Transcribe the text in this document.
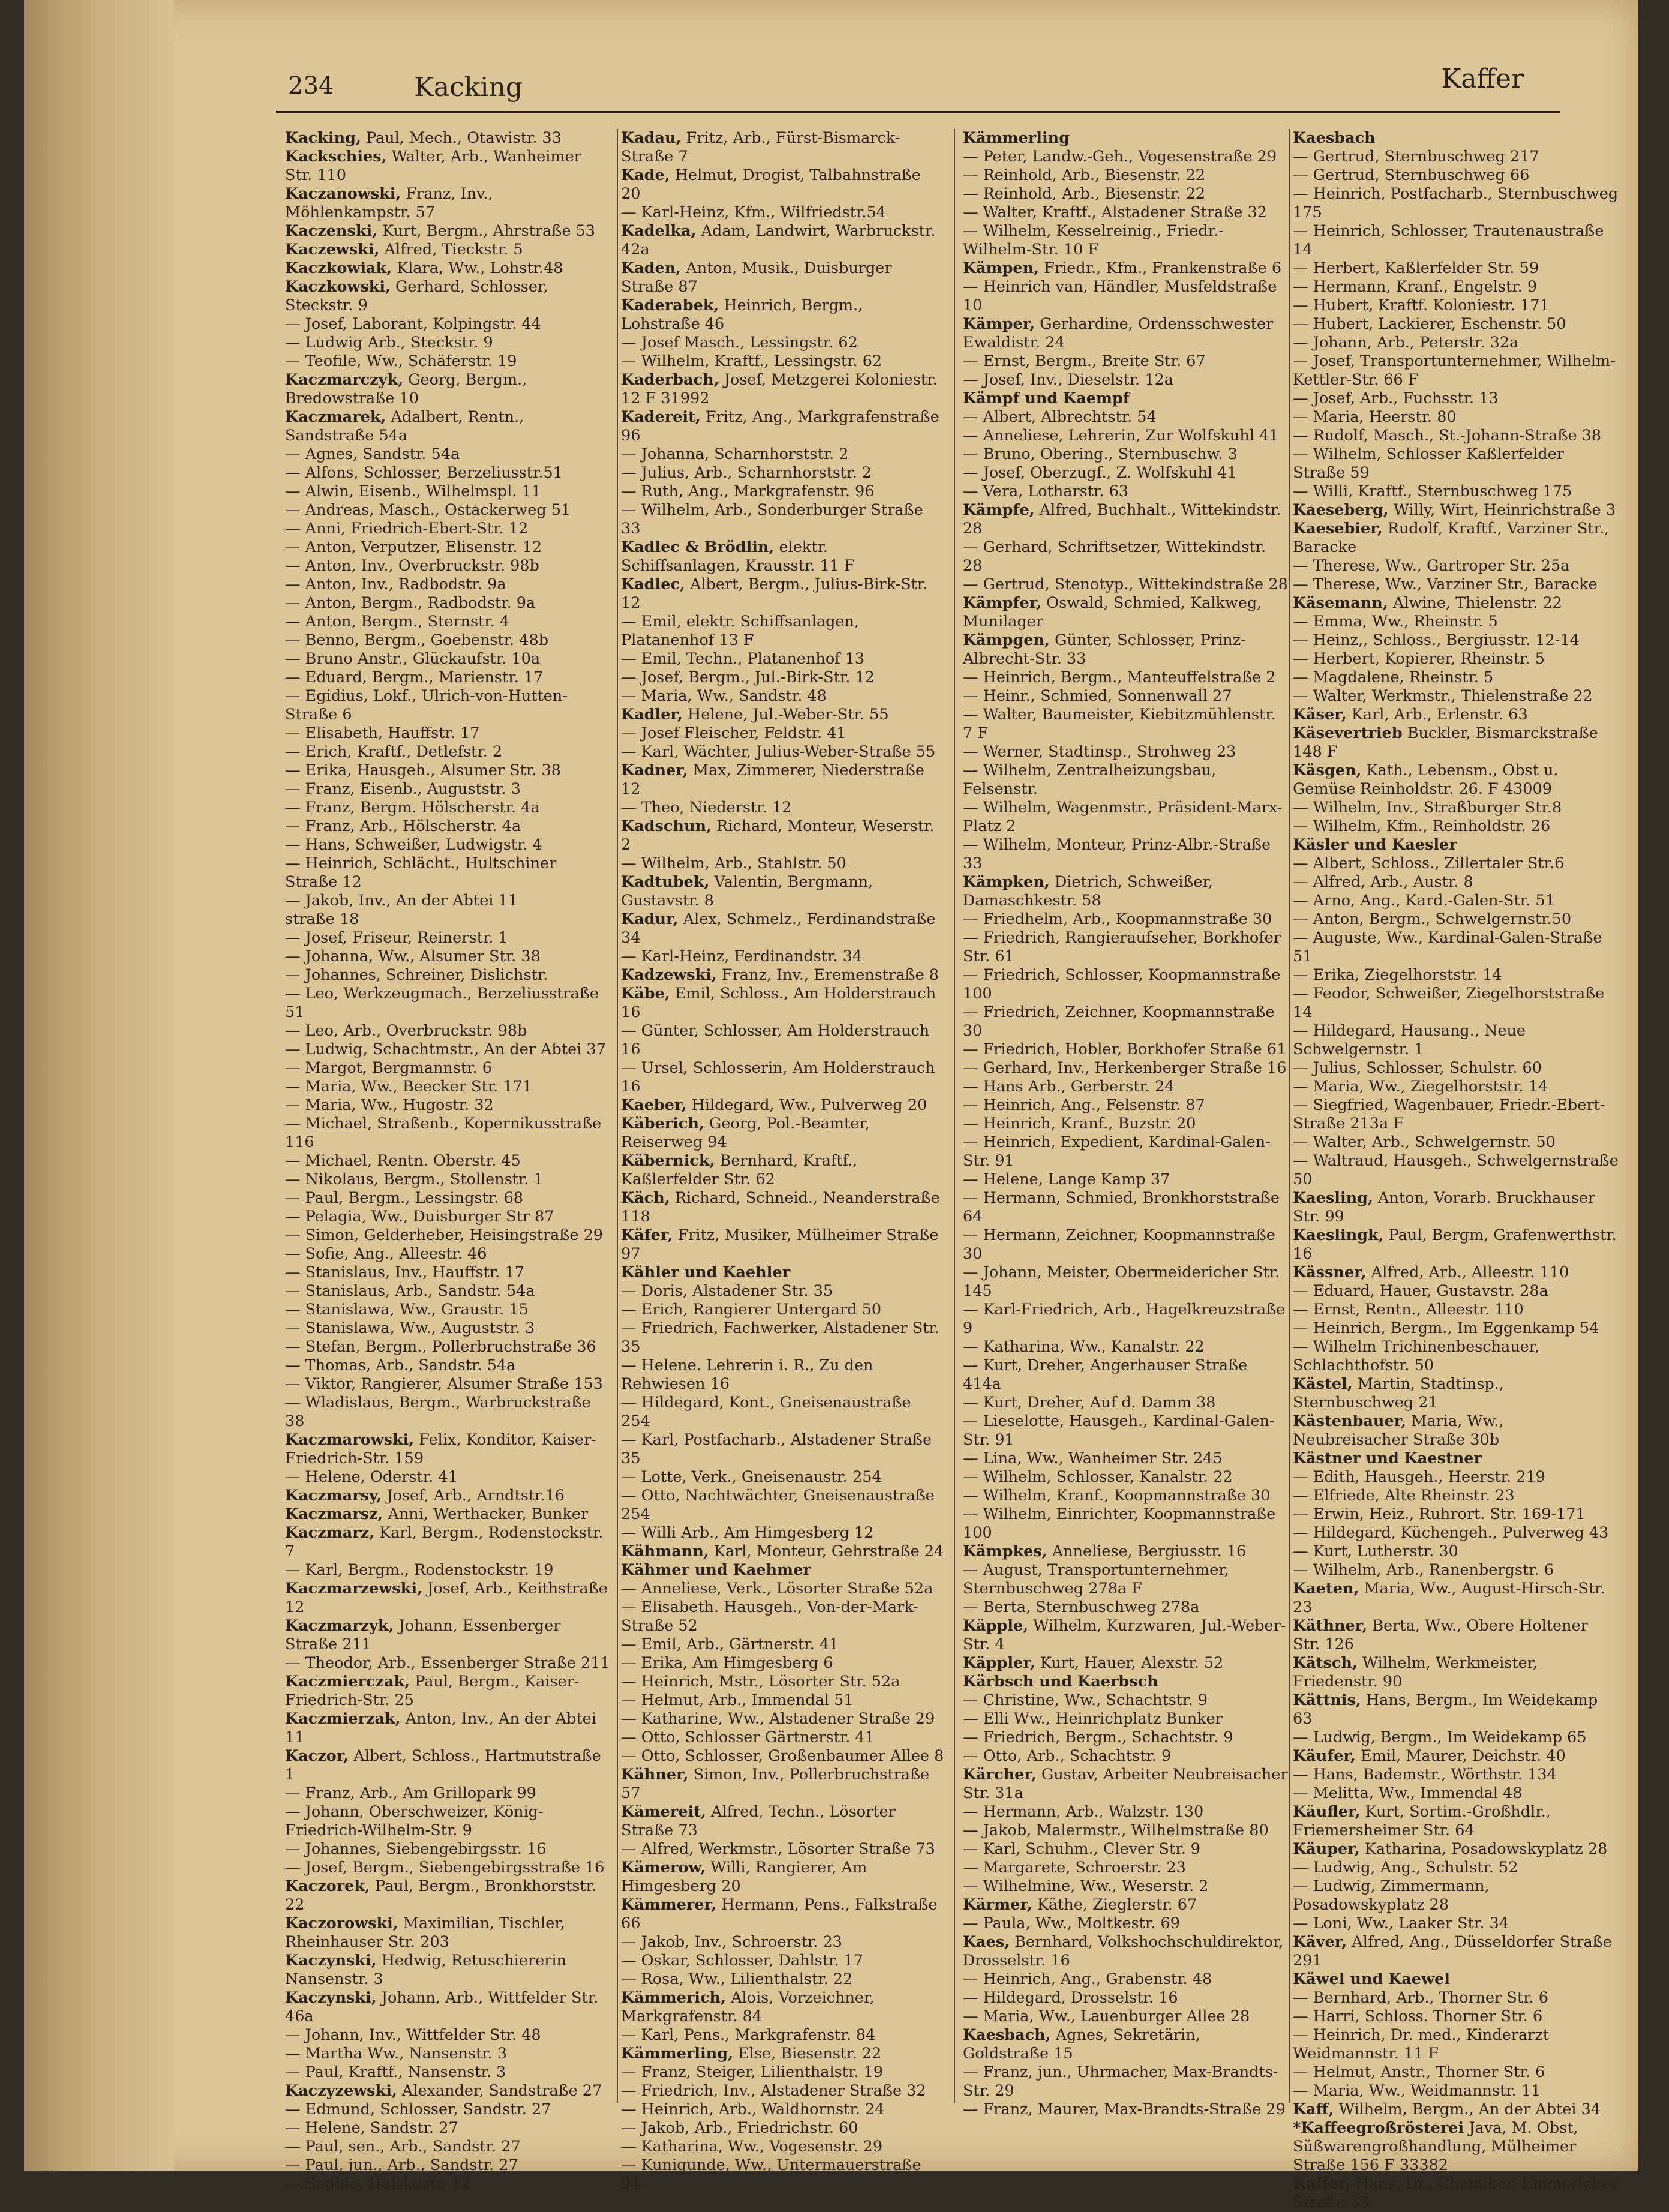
234	Kacking	Kaffer
Kacking, Paul, Mech., Otawistr. 33
Kackschies, Walter, Arb., Wanheimer Str. 110
Kaczanowski, Franz, Inv., Möhlenkampstr. 57
Kaczenski, Kurt, Bergm., Ahrstraße 53
Kaczewski, Alfred, Tieckstr. 5
Kaczkowiak, Klara, Ww., Lohstr.48
Kaczkowski, Gerhard, Schlosser, Steckstr. 9
— Josef, Laborant, Kolpingstr. 44
— Ludwig Arb., Steckstr. 9
— Teofile, Ww., Schäferstr. 19
Kaczmarczyk, Georg, Bergm., Bredowstraße 10
Kaczmarek, Adalbert, Rentn., Sandstraße 54a
— Agnes, Sandstr. 54a
— Alfons, Schlosser, Berzeliusstr.51
— Alwin, Eisenb., Wilhelmspl. 11
— Andreas, Masch., Ostackerweg 51
— Anni, Friedrich-Ebert-Str. 12
— Anton, Verputzer, Elisenstr. 12
— Anton, Inv., Overbruckstr. 98b
— Anton, Inv., Radbodstr. 9a
— Anton, Bergm., Radbodstr. 9a
— Anton, Bergm., Sternstr. 4
— Benno, Bergm., Goebenstr. 48b
— Bruno Anstr., Glückaufstr. 10a
— Eduard, Bergm., Marienstr. 17
— Egidius, Lokf., Ulrich-von-Hutten-Straße 6
— Elisabeth, Hauffstr. 17
— Erich, Kraftf., Detlefstr. 2
— Erika, Hausgeh., Alsumer Str. 38
— Franz, Eisenb., Auguststr. 3
— Franz, Bergm. Hölscherstr. 4a
— Franz, Arb., Hölscherstr. 4a
— Hans, Schweißer, Ludwigstr. 4
— Heinrich, Schlächt., Hultschiner Straße 12
— Jakob, Inv., An der Abtei 11
straße 18
— Josef, Friseur, Reinerstr. 1
— Johanna, Ww., Alsumer Str. 38
— Johannes, Schreiner, Dislichstr.
— Leo, Werkzeugmach., Berzeliusstraße 51
— Leo, Arb., Overbruckstr. 98b
— Ludwig, Schachtmstr., An der Abtei 37
— Margot, Bergmannstr. 6
— Maria, Ww., Beecker Str. 171
— Maria, Ww., Hugostr. 32
— Michael, Straßenb., Kopernikusstraße 116
— Michael, Rentn. Oberstr. 45
— Nikolaus, Bergm., Stollenstr. 1
— Paul, Bergm., Lessingstr. 68
— Pelagia, Ww., Duisburger Str 87
— Simon, Gelderheber, Heisingstraße 29
— Sofie, Ang., Alleestr. 46
— Stanislaus, Inv., Hauffstr. 17
— Stanislaus, Arb., Sandstr. 54a
— Stanislawa, Ww., Graustr. 15
— Stanislawa, Ww., Auguststr. 3
— Stefan, Bergm., Pollerbruchstraße 36
— Thomas, Arb., Sandstr. 54a
— Viktor, Rangierer, Alsumer Straße 153
— Wladislaus, Bergm., Warbruckstraße 38
Kaczmarowski, Felix, Konditor, Kaiser-Friedrich-Str. 159
— Helene, Oderstr. 41
Kaczmarsy, Josef, Arb., Arndtstr.16
Kaczmarsz, Anni, Werthacker, Bunker
Kaczmarz, Karl, Bergm., Rodenstockstr. 7
— Karl, Bergm., Rodenstockstr. 19
Kaczmarzewski, Josef, Arb., Keithstraße 12
Kaczmarzyk, Johann, Essenberger Straße 211
— Theodor, Arb., Essenberger Straße 211
Kaczmierczak, Paul, Bergm., Kaiser-Friedrich-Str. 25
Kaczmierzak, Anton, Inv., An der Abtei 11
Kaczor, Albert, Schloss., Hartmutstraße 1
— Franz, Arb., Am Grillopark 99
— Johann, Oberschweizer, König-Friedrich-Wilhelm-Str. 9
— Johannes, Siebengebirgsstr. 16
— Josef, Bergm., Siebengebirgsstraße 16
Kaczorek, Paul, Bergm., Bronkhorststr. 22
Kaczorowski, Maximilian, Tischler, Rheinhauser Str. 203
Kaczynski, Hedwig, Retuschiererin Nansenstr. 3
Kaczynski, Johann, Arb., Wittfelder Str. 46a
— Johann, Inv., Wittfelder Str. 48
— Martha Ww., Nansenstr. 3
— Paul, Kraftf., Nansenstr. 3
Kaczyzewski, Alexander, Sandstraße 27
— Edmund, Schlosser, Sandstr. 27
— Helene, Sandstr. 27
— Paul, sen., Arb., Sandstr. 27
— Paul, jun., Arb., Sandstr. 27
— Sophie, Halskestr. 12
Kadau, Fritz, Arb., Fürst-Bismarck-Straße 7
Kade, Helmut, Drogist, Talbahnstraße 20
— Karl-Heinz, Kfm., Wilfriedstr.54
Kadelka, Adam, Landwirt, Warbruckstr. 42a
Kaden, Anton, Musik., Duisburger Straße 87
Kaderabek, Heinrich, Bergm., Lohstraße 46
— Josef Masch., Lessingstr. 62
— Wilhelm, Kraftf., Lessingstr. 62
Kaderbach, Josef, Metzgerei Koloniestr. 12 F 31992
Kadereit, Fritz, Ang., Markgrafenstraße 96
— Johanna, Scharnhorststr. 2
— Julius, Arb., Scharnhorststr. 2
— Ruth, Ang., Markgrafenstr. 96
— Wilhelm, Arb., Sonderburger Straße 33
Kadlec & Brödlin, elektr. Schiffsanlagen, Krausstr. 11 F
Kadlec, Albert, Bergm., Julius-Birk-Str. 12
— Emil, elektr. Schiffsanlagen, Platanenhof 13 F
— Emil, Techn., Platanenhof 13
— Josef, Bergm., Jul.-Birk-Str. 12
— Maria, Ww., Sandstr. 48
Kadler, Helene, Jul.-Weber-Str. 55
— Josef Fleischer, Feldstr. 41
— Karl, Wächter, Julius-Weber-Straße 55
Kadner, Max, Zimmerer, Niederstraße 12
— Theo, Niederstr. 12
Kadschun, Richard, Monteur, Weserstr. 2
— Wilhelm, Arb., Stahlstr. 50
Kadtubek, Valentin, Bergmann, Gustavstr. 8
Kadur, Alex, Schmelz., Ferdinandstraße 34
— Karl-Heinz, Ferdinandstr. 34
Kadzewski, Franz, Inv., Eremenstraße 8
Käbe, Emil, Schloss., Am Holderstrauch 16
— Günter, Schlosser, Am Holderstrauch 16
— Ursel, Schlosserin, Am Holderstrauch 16
Kaeber, Hildegard, Ww., Pulverweg 20
Käberich, Georg, Pol.-Beamter, Reiserweg 94
Käbernick, Bernhard, Kraftf., Kaßlerfelder Str. 62
Käch, Richard, Schneid., Neanderstraße 118
Käfer, Fritz, Musiker, Mülheimer Straße 97
Kähler und Kaehler
— Doris, Alstadener Str. 35
— Erich, Rangierer Untergard 50
— Friedrich, Fachwerker, Alstadener Str. 35
— Helene. Lehrerin i. R., Zu den Rehwiesen 16
— Hildegard, Kont., Gneisenaustraße 254
— Karl, Postfacharb., Alstadener Straße 35
— Lotte, Verk., Gneisenaustr. 254
— Otto, Nachtwächter, Gneisenaustraße 254
— Willi Arb., Am Himgesberg 12
Kähmann, Karl, Monteur, Gehrstraße 24
Kähmer und Kaehmer
— Anneliese, Verk., Lösorter Straße 52a
— Elisabeth. Hausgeh., Von-der-Mark-Straße 52
— Emil, Arb., Gärtnerstr. 41
— Erika, Am Himgesberg 6
— Heinrich, Mstr., Lösorter Str. 52a
— Helmut, Arb., Immendal 51
— Katharine, Ww., Alstadener Straße 29
— Otto, Schlosser Gärtnerstr. 41
— Otto, Schlosser, Großenbaumer Allee 8
Kähner, Simon, Inv., Pollerbruchstraße 57
Kämereit, Alfred, Techn., Lösorter Straße 73
— Alfred, Werkmstr., Lösorter Straße 73
Kämerow, Willi, Rangierer, Am Himgesberg 20
Kämmerer, Hermann, Pens., Falkstraße 66
— Jakob, Inv., Schroerstr. 23
— Oskar, Schlosser, Dahlstr. 17
— Rosa, Ww., Lilienthalstr. 22
Kämmerich, Alois, Vorzeichner, Markgrafenstr. 84
— Karl, Pens., Markgrafenstr. 84
Kämmerling, Else, Biesenstr. 22
— Franz, Steiger, Lilienthalstr. 19
— Friedrich, Inv., Alstadener Straße 32
— Heinrich, Arb., Waldhornstr. 24
— Jakob, Arb., Friedrichstr. 60
— Katharina, Ww., Vogesenstr. 29
— Kunigunde, Ww., Untermauerstraße 94
Kämmerling
— Peter, Landw.-Geh., Vogesenstraße 29
— Reinhold, Arb., Biesenstr. 22
— Reinhold, Arb., Biesenstr. 22
— Walter, Kraftf., Alstadener Straße 32
— Wilhelm, Kesselreinig., Friedr.-Wilhelm-Str. 10 F
Kämpen, Friedr., Kfm., Frankenstraße 6
— Heinrich van, Händler, Musfeldstraße 10
Kämper, Gerhardine, Ordensschwester Ewaldistr. 24
— Ernst, Bergm., Breite Str. 67
— Josef, Inv., Dieselstr. 12a
Kämpf und Kaempf
— Albert, Albrechtstr. 54
— Anneliese, Lehrerin, Zur Wolfskuhl 41
— Bruno, Obering., Sternbuschw. 3
— Josef, Oberzugf., Z. Wolfskuhl 41
— Vera, Lotharstr. 63
Kämpfe, Alfred, Buchhalt., Wittekindstr. 28
— Gerhard, Schriftsetzer, Wittekindstr. 28
— Gertrud, Stenotyp., Wittekindstraße 28
Kämpfer, Oswald, Schmied, Kalkweg, Munilager
Kämpgen, Günter, Schlosser, Prinz-Albrecht-Str. 33
— Heinrich, Bergm., Manteuffelstraße 2
— Heinr., Schmied, Sonnenwall 27
— Walter, Baumeister, Kiebitzmühlenstr. 7 F
— Werner, Stadtinsp., Strohweg 23
— Wilhelm, Zentralheizungsbau, Felsenstr.
— Wilhelm, Wagenmstr., Präsident-Marx-Platz 2
— Wilhelm, Monteur, Prinz-Albr.-Straße 33
Kämpken, Dietrich, Schweißer, Damaschkestr. 58
— Friedhelm, Arb., Koopmannstraße 30
— Friedrich, Rangieraufseher, Borkhofer Str. 61
— Friedrich, Schlosser, Koopmannstraße 100
— Friedrich, Zeichner, Koopmannstraße 30
— Friedrich, Hobler, Borkhofer Straße 61
— Gerhard, Inv., Herkenberger Straße 16
— Hans Arb., Gerberstr. 24
— Heinrich, Ang., Felsenstr. 87
— Heinrich, Kranf., Buzstr. 20
— Heinrich, Expedient, Kardinal-Galen-Str. 91
— Helene, Lange Kamp 37
— Hermann, Schmied, Bronkhorststraße 64
— Hermann, Zeichner, Koopmannstraße 30
— Johann, Meister, Obermeidericher Str. 145
— Karl-Friedrich, Arb., Hagelkreuzstraße 9
— Katharina, Ww., Kanalstr. 22
— Kurt, Dreher, Angerhauser Straße 414a
— Kurt, Dreher, Auf d. Damm 38
— Lieselotte, Hausgeh., Kardinal-Galen-Str. 91
— Lina, Ww., Wanheimer Str. 245
— Wilhelm, Schlosser, Kanalstr. 22
— Wilhelm, Kranf., Koopmannstraße 30
— Wilhelm, Einrichter, Koopmannstraße 100
Kämpkes, Anneliese, Bergiusstr. 16
— August, Transportunternehmer, Sternbuschweg 278a F
— Berta, Sternbuschweg 278a
Käpple, Wilhelm, Kurzwaren, Jul.-Weber-Str. 4
Käppler, Kurt, Hauer, Alexstr. 52
Kärbsch und Kaerbsch
— Christine, Ww., Schachtstr. 9
— Elli Ww., Heinrichplatz Bunker
— Friedrich, Bergm., Schachtstr. 9
— Otto, Arb., Schachtstr. 9
Kärcher, Gustav, Arbeiter Neubreisacher Str. 31a
— Hermann, Arb., Walzstr. 130
— Jakob, Malermstr., Wilhelmstraße 80
— Karl, Schuhm., Clever Str. 9
— Margarete, Schroerstr. 23
— Wilhelmine, Ww., Weserstr. 2
Kärmer, Käthe, Zieglerstr. 67
— Paula, Ww., Moltkestr. 69
Kaes, Bernhard, Volkshochschuldirektor, Drosselstr. 16
— Heinrich, Ang., Grabenstr. 48
— Hildegard, Drosselstr. 16
— Maria, Ww., Lauenburger Allee 28
Kaesbach, Agnes, Sekretärin, Goldstraße 15
— Franz, jun., Uhrmacher, Max-Brandts-Str. 29
— Franz, Maurer, Max-Brandts-Straße 29
Kaesbach
— Gertrud, Sternbuschweg 217
— Gertrud, Sternbuschweg 66
— Heinrich, Postfacharb., Sternbuschweg 175
— Heinrich, Schlosser, Trautenaustraße 14
— Herbert, Kaßlerfelder Str. 59
— Hermann, Kranf., Engelstr. 9
— Hubert, Kraftf. Koloniestr. 171
— Hubert, Lackierer, Eschenstr. 50
— Johann, Arb., Peterstr. 32a
— Josef, Transportunternehmer, Wilhelm-Kettler-Str. 66 F
— Josef, Arb., Fuchsstr. 13
— Maria, Heerstr. 80
— Rudolf, Masch., St.-Johann-Straße 38
— Wilhelm, Schlosser Kaßlerfelder Straße 59
— Willi, Kraftf., Sternbuschweg 175
Kaeseberg, Willy, Wirt, Heinrichstraße 3
Kaesebier, Rudolf, Kraftf., Varziner Str., Baracke
— Therese, Ww., Gartroper Str. 25a
— Therese, Ww., Varziner Str., Baracke
Käsemann, Alwine, Thielenstr. 22
— Emma, Ww., Rheinstr. 5
— Heinz,, Schloss., Bergiusstr. 12-14
— Herbert, Kopierer, Rheinstr. 5
— Magdalene, Rheinstr. 5
— Walter, Werkmstr., Thielenstraße 22
Käser, Karl, Arb., Erlenstr. 63
Käsevertrieb Buckler, Bismarckstraße 148 F
Käsgen, Kath., Lebensm., Obst u. Gemüse Reinholdstr. 26. F 43009
— Wilhelm, Inv., Straßburger Str.8
— Wilhelm, Kfm., Reinholdstr. 26
Käsler und Kaesler
— Albert, Schloss., Zillertaler Str.6
— Alfred, Arb., Austr. 8
— Arno, Ang., Kard.-Galen-Str. 51
— Anton, Bergm., Schwelgernstr.50
— Auguste, Ww., Kardinal-Galen-Straße 51
— Erika, Ziegelhorststr. 14
— Feodor, Schweißer, Ziegelhorststraße 14
— Hildegard, Hausang., Neue Schwelgernstr. 1
— Julius, Schlosser, Schulstr. 60
— Maria, Ww., Ziegelhorststr. 14
— Siegfried, Wagenbauer, Friedr.-Ebert-Straße 213a F
— Walter, Arb., Schwelgernstr. 50
— Waltraud, Hausgeh., Schwelgernstraße 50
Kaesling, Anton, Vorarb. Bruckhauser Str. 99
Kaeslingk, Paul, Bergm, Grafenwerthstr. 16
Kässner, Alfred, Arb., Alleestr. 110
— Eduard, Hauer, Gustavstr. 28a
— Ernst, Rentn., Alleestr. 110
— Heinrich, Bergm., Im Eggenkamp 54
— Wilhelm Trichinenbeschauer, Schlachthofstr. 50
Kästel, Martin, Stadtinsp., Sternbuschweg 21
Kästenbauer, Maria, Ww., Neubreisacher Straße 30b
Kästner und Kaestner
— Edith, Hausgeh., Heerstr. 219
— Elfriede, Alte Rheinstr. 23
— Erwin, Heiz., Ruhrort. Str. 169-171
— Hildegard, Küchengeh., Pulverweg 43
— Kurt, Lutherstr. 30
— Wilhelm, Arb., Ranenbergstr. 6
Kaeten, Maria, Ww., August-Hirsch-Str. 23
Käthner, Berta, Ww., Obere Holtener Str. 126
Kätsch, Wilhelm, Werkmeister, Friedenstr. 90
Kättnis, Hans, Bergm., Im Weidekamp 63
— Ludwig, Bergm., Im Weidekamp 65
Käufer, Emil, Maurer, Deichstr. 40
— Hans, Bademstr., Wörthstr. 134
— Melitta, Ww., Immendal 48
Käufler, Kurt, Sortim.-Großhdlr., Friemersheimer Str. 64
Käuper, Katharina, Posadowskyplatz 28
— Ludwig, Ang., Schulstr. 52
— Ludwig, Zimmermann, Posadowskyplatz 28
— Loni, Ww., Laaker Str. 34
Käver, Alfred, Ang., Düsseldorfer Straße 291
Käwel und Kaewel
— Bernhard, Arb., Thorner Str. 6
— Harri, Schloss. Thorner Str. 6
— Heinrich, Dr. med., Kinderarzt Weidmannstr. 11 F
— Helmut, Anstr., Thorner Str. 6
— Maria, Ww., Weidmannstr. 11
Kaff, Wilhelm, Bergm., An der Abtei 34
*Kaffeegroßrösterei Java, M. Obst, Süßwarengroßhandlung, Mülheimer Straße 156 F 33382
Kaffer, Hans, Dr., Chemiker, Emmericher Straße 33
